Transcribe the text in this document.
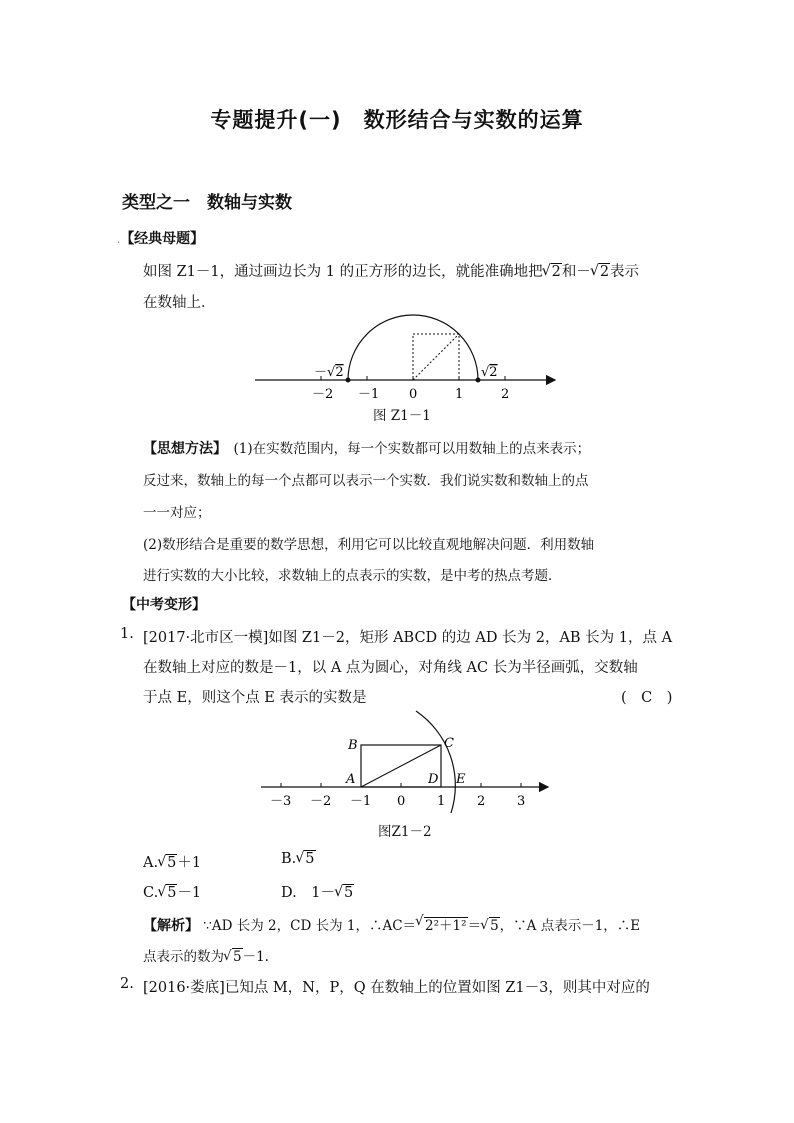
专题提升(一)　数形结合与实数的运算
类型之一　数轴与实数
.【经典母题】
如图 Z1－1，通过画边长为 1 的正方形的边长，就能准确地把 √ 2和－ √ 2表示
在数轴上．
－√2	√2
－2 －1 0	1	2
图 Z1－1
【思想方法】　 (1)在实数范围内，每一个实数都可以用数轴上的点来表示；
反过来，数轴上的每一个点都可以表示一个实数．我们说实数和数轴上的点
一一对应；
(2)数形结合是重要的数学思想，利用它可以比较直观地解决问题．利用数轴
进行实数的大小比较，求数轴上的点表示的实数，是中考的热点考题．
【中考变形】
1. [2017·北市区一模]如图 Z1－2，矩形 ABCD 的边 AD 长为 2，AB 长为 1，点 A
在数轴上对应的数是－1，以 A 点为圆心，对角线 AC 长为半径画弧，交数轴
于点 E，则这个点 E 表示的实数是	(　C　)
B
A
C
D E
－3 －2 －1 0 1 2 3
图Z1－2
A. √ 5＋1	B. √ 5
C. √ 5－1	D.　1－ √ 5
【解析】 ∵AD 长为 2，CD 长为 1，∴AC＝ √ 2²＋1²＝ √ 5，∵A 点表示－1，∴E
点表示的数为 √ 5－1.
2. [2016·娄底]已知点 M，N，P，Q 在数轴上的位置如图 Z1－3，则其中对应的
